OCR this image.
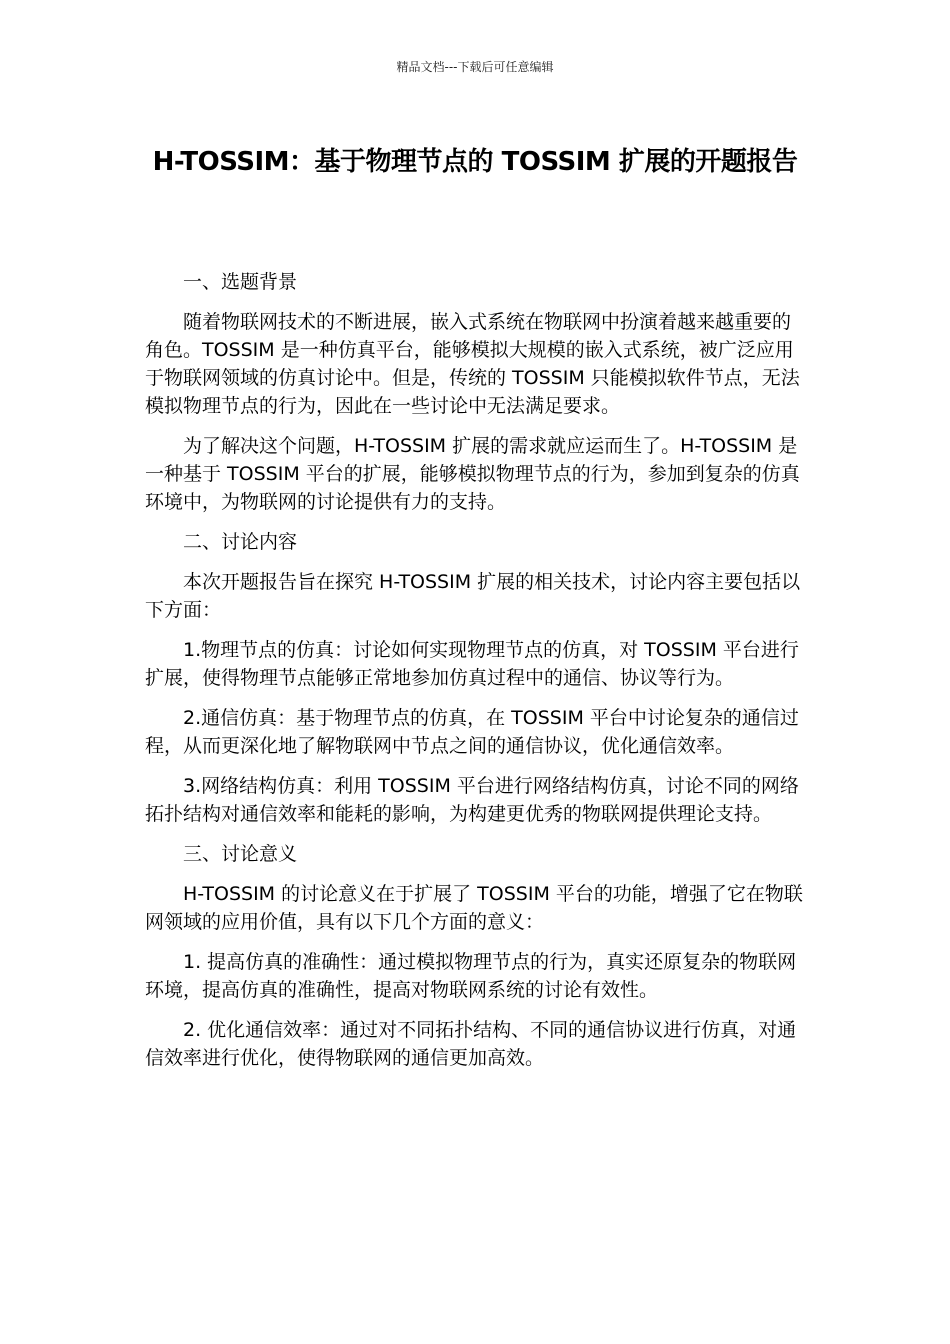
精品文档---下载后可任意编辑
H-TOSSIM：基于物理节点的 TOSSIM 扩展的开题报告

一、选题背景

随着物联网技术的不断进展，嵌入式系统在物联网中扮演着越来越重要的角色。TOSSIM 是一种仿真平台，能够模拟大规模的嵌入式系统，被广泛应用于物联网领域的仿真讨论中。但是，传统的 TOSSIM 只能模拟软件节点，无法模拟物理节点的行为，因此在一些讨论中无法满足要求。

为了解决这个问题，H-TOSSIM 扩展的需求就应运而生了。H-TOSSIM 是一种基于 TOSSIM 平台的扩展，能够模拟物理节点的行为，参加到复杂的仿真环境中，为物联网的讨论提供有力的支持。

二、讨论内容

本次开题报告旨在探究 H-TOSSIM 扩展的相关技术，讨论内容主要包括以下方面：

1.物理节点的仿真：讨论如何实现物理节点的仿真，对 TOSSIM 平台进行扩展，使得物理节点能够正常地参加仿真过程中的通信、协议等行为。

2.通信仿真：基于物理节点的仿真，在 TOSSIM 平台中讨论复杂的通信过程，从而更深化地了解物联网中节点之间的通信协议，优化通信效率。

3.网络结构仿真：利用 TOSSIM 平台进行网络结构仿真，讨论不同的网络拓扑结构对通信效率和能耗的影响，为构建更优秀的物联网提供理论支持。

三、讨论意义

H-TOSSIM 的讨论意义在于扩展了 TOSSIM 平台的功能，增强了它在物联网领域的应用价值，具有以下几个方面的意义：

1. 提高仿真的准确性：通过模拟物理节点的行为，真实还原复杂的物联网环境，提高仿真的准确性，提高对物联网系统的讨论有效性。

2. 优化通信效率：通过对不同拓扑结构、不同的通信协议进行仿真，对通信效率进行优化，使得物联网的通信更加高效。
